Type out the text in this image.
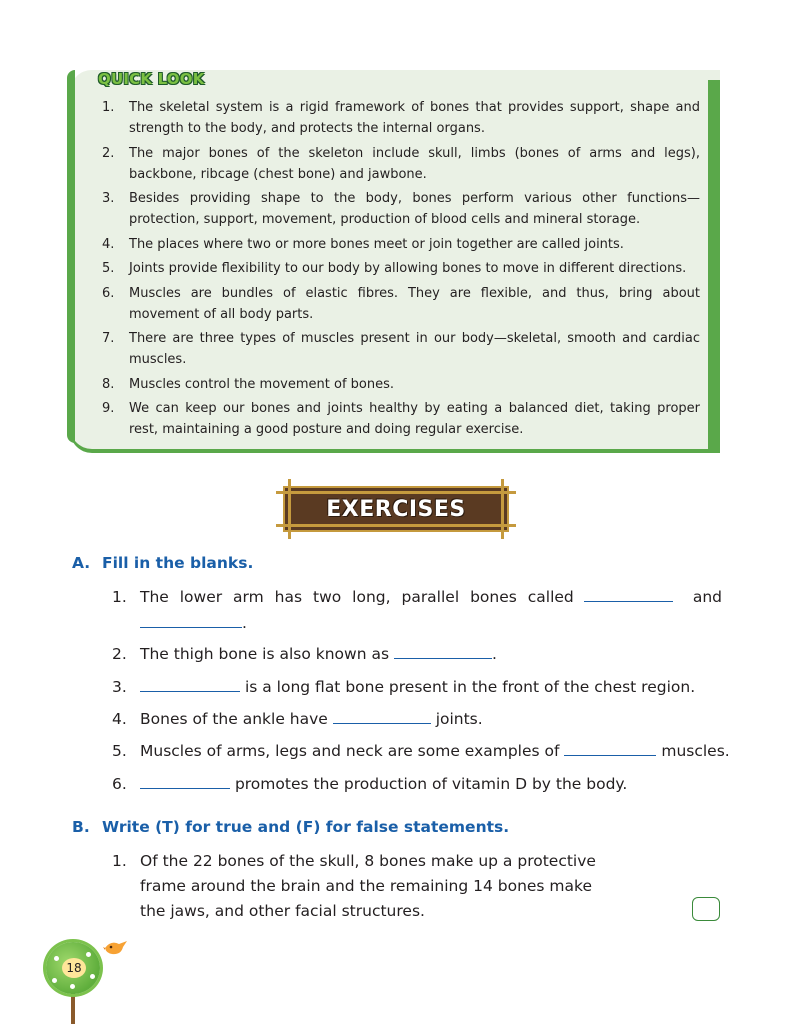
QUICK LOOK
1.	The skeletal system is a rigid framework of bones that provides support, shape and strength to the body, and protects the internal organs.
2.	The major bones of the skeleton include skull, limbs (bones of arms and legs), backbone, ribcage (chest bone) and jawbone.
3.	Besides providing shape to the body, bones perform various other functions—protection, support, movement, production of blood cells and mineral storage.
4.	The places where two or more bones meet or join together are called joints.
5.	Joints provide flexibility to our body by allowing bones to move in different directions.
6.	Muscles are bundles of elastic fibres. They are flexible, and thus, bring about movement of all body parts.
7.	There are three types of muscles present in our body—skeletal, smooth and cardiac muscles.
8.	Muscles control the movement of bones.
9.	We can keep our bones and joints healthy by eating a balanced diet, taking proper rest, maintaining a good posture and doing regular exercise.
EXERCISES
A. Fill in the blanks.
1. The lower arm has two long, parallel bones called	and
.
2. The thigh bone is also known as	.
3.	is a long flat bone present in the front of the chest region.
4. Bones of the ankle have	joints.
5. Muscles of arms, legs and neck are some examples of	muscles.
6.	promotes the production of vitamin D by the body.
B. Write (T) for true and (F) for false statements.
1. Of the 22 bones of the skull, 8 bones make up a protective
frame around the brain and the remaining 14 bones make
the jaws, and other facial structures.
18
